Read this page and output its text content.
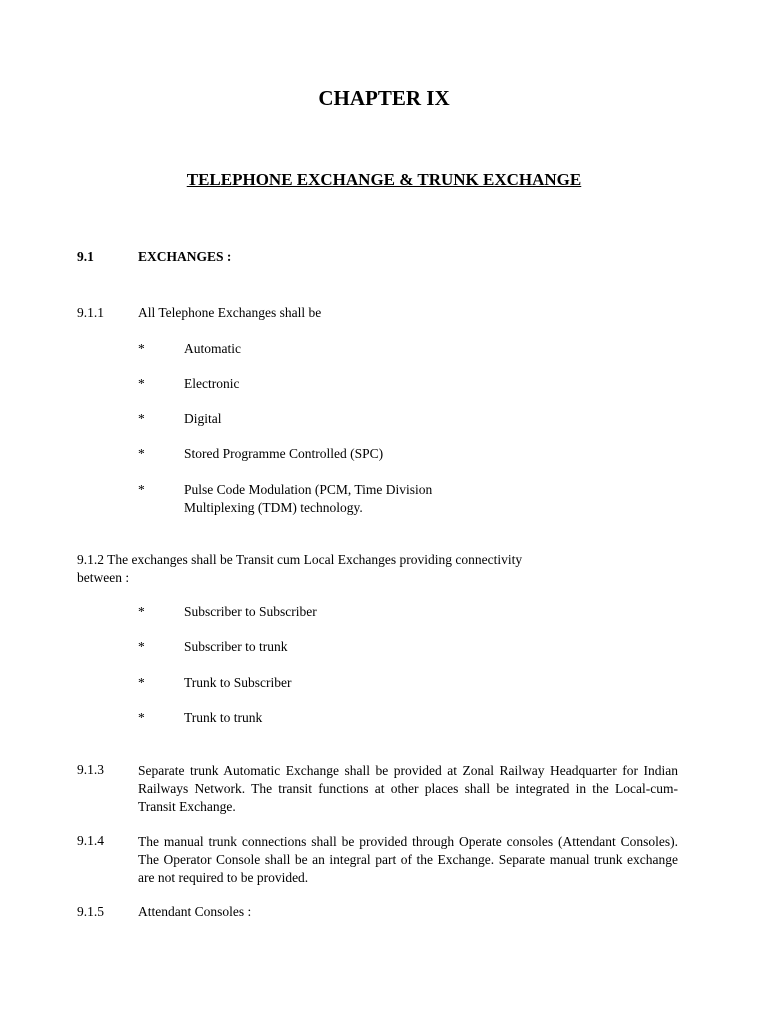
CHAPTER IX
TELEPHONE EXCHANGE & TRUNK EXCHANGE
9.1	EXCHANGES :
9.1.1	All Telephone Exchanges shall be
*	Automatic
*	Electronic
*	Digital
*	Stored Programme Controlled (SPC)
*	Pulse Code Modulation (PCM, Time Division
Multiplexing (TDM) technology.
9.1.2 The exchanges shall be Transit cum Local Exchanges providing connectivity
between :
*	Subscriber to Subscriber
*	Subscriber to trunk
*	Trunk to Subscriber
*	Trunk to trunk
9.1.3	Separate trunk Automatic Exchange shall be provided at Zonal Railway Headquarter for Indian Railways Network. The transit functions at other places shall be integrated in the Local-cum-Transit Exchange.
9.1.4	The manual trunk connections shall be provided through Operate consoles (Attendant Consoles). The Operator Console shall be an integral part of the Exchange. Separate manual trunk exchange are not required to be provided.
9.1.5	Attendant Consoles :
